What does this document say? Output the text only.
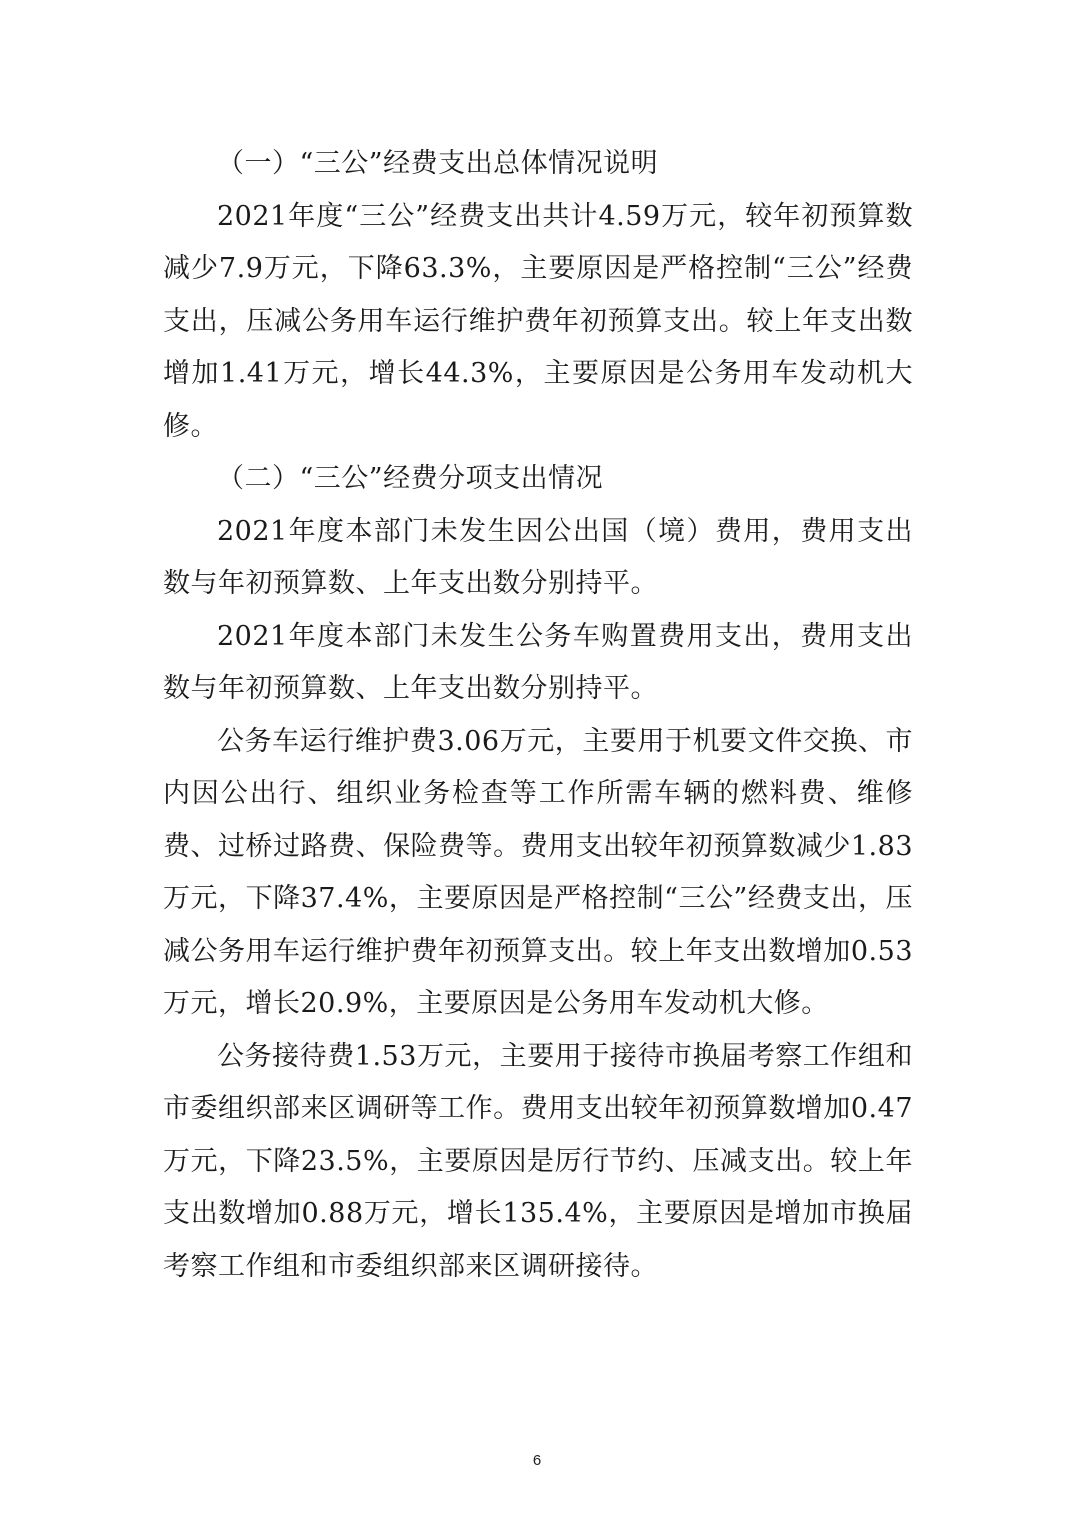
（一）“三公”经费支出总体情况说明

2021年度“三公”经费支出共计4.59万元，较年初预算数减少7.9万元，下降63.3%，主要原因是严格控制“三公”经费支出，压减公务用车运行维护费年初预算支出。较上年支出数增加1.41万元，增长44.3%，主要原因是公务用车发动机大修。

（二）“三公”经费分项支出情况

2021年度本部门未发生因公出国（境）费用，费用支出数与年初预算数、上年支出数分别持平。

2021年度本部门未发生公务车购置费用支出，费用支出数与年初预算数、上年支出数分别持平。

公务车运行维护费3.06万元，主要用于机要文件交换、市内因公出行、组织业务检查等工作所需车辆的燃料费、维修费、过桥过路费、保险费等。费用支出较年初预算数减少1.83万元，下降37.4%，主要原因是严格控制“三公”经费支出，压减公务用车运行维护费年初预算支出。较上年支出数增加0.53万元，增长20.9%，主要原因是公务用车发动机大修。

公务接待费1.53万元，主要用于接待市换届考察工作组和市委组织部来区调研等工作。费用支出较年初预算数增加0.47万元，下降23.5%，主要原因是厉行节约、压减支出。较上年支出数增加0.88万元，增长135.4%，主要原因是增加市换届考察工作组和市委组织部来区调研接待。

6
